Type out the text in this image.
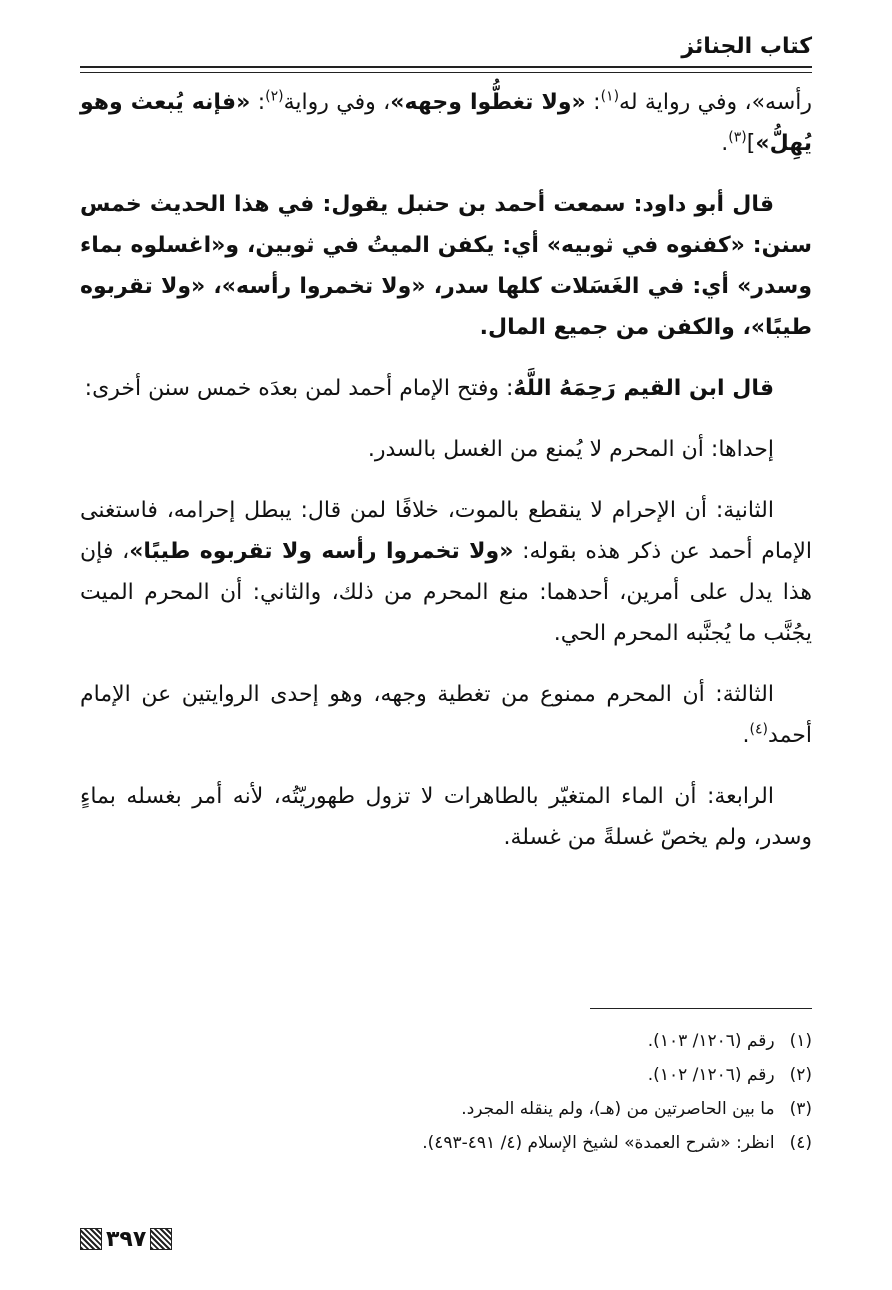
كتاب الجنائز

رأسه»، وفي رواية له$^{(١)}$: «ولا تغطُّوا وجهه»، وفي رواية$^{(٢)}$: «فإنه يُبعث وهو يُهِلُّ»]$^{(٣)}$.

قال أبو داود: سمعت أحمد بن حنبل يقول: في هذا الحديث خمس سنن: «كفنوه في ثوبيه» أي: يكفن الميتُ في ثوبين، و«اغسلوه بماء وسدر» أي: في الغَسَلات كلها سدر، «ولا تخمروا رأسه»، «ولا تقربوه طيبًا»، والكفن من جميع المال.

قال ابن القيم رَحِمَهُ اللَّهُ: وفتح الإمام أحمد لمن بعدَه خمس سنن أخرى:

إحداها: أن المحرم لا يُمنع من الغسل بالسدر.

الثانية: أن الإحرام لا ينقطع بالموت، خلافًا لمن قال: يبطل إحرامه، فاستغنى الإمام أحمد عن ذكر هذه بقوله: «ولا تخمروا رأسه ولا تقربوه طيبًا»، فإن هذا يدل على أمرين، أحدهما: منع المحرم من ذلك، والثاني: أن المحرم الميت يجُنَّب ما يُجنَّبه المحرم الحي.

الثالثة: أن المحرم ممنوع من تغطية وجهه، وهو إحدى الروايتين عن الإمام أحمد$^{(٤)}$.

الرابعة: أن الماء المتغيّر بالطاهرات لا تزول طهوريّتُه، لأنه أمر بغسله بماءٍ وسدر، ولم يخصّ غسلةً من غسلة.

(١) رقم (١٢٠٦/ ١٠٣).

(٢) رقم (١٢٠٦/ ١٠٢).

(٣) ما بين الحاصرتين من (هـ)، ولم ينقله المجرد.

(٤) انظر: «شرح العمدة» لشيخ الإسلام (٤/ ٤٩١-٤٩٣).

٣٩٧
